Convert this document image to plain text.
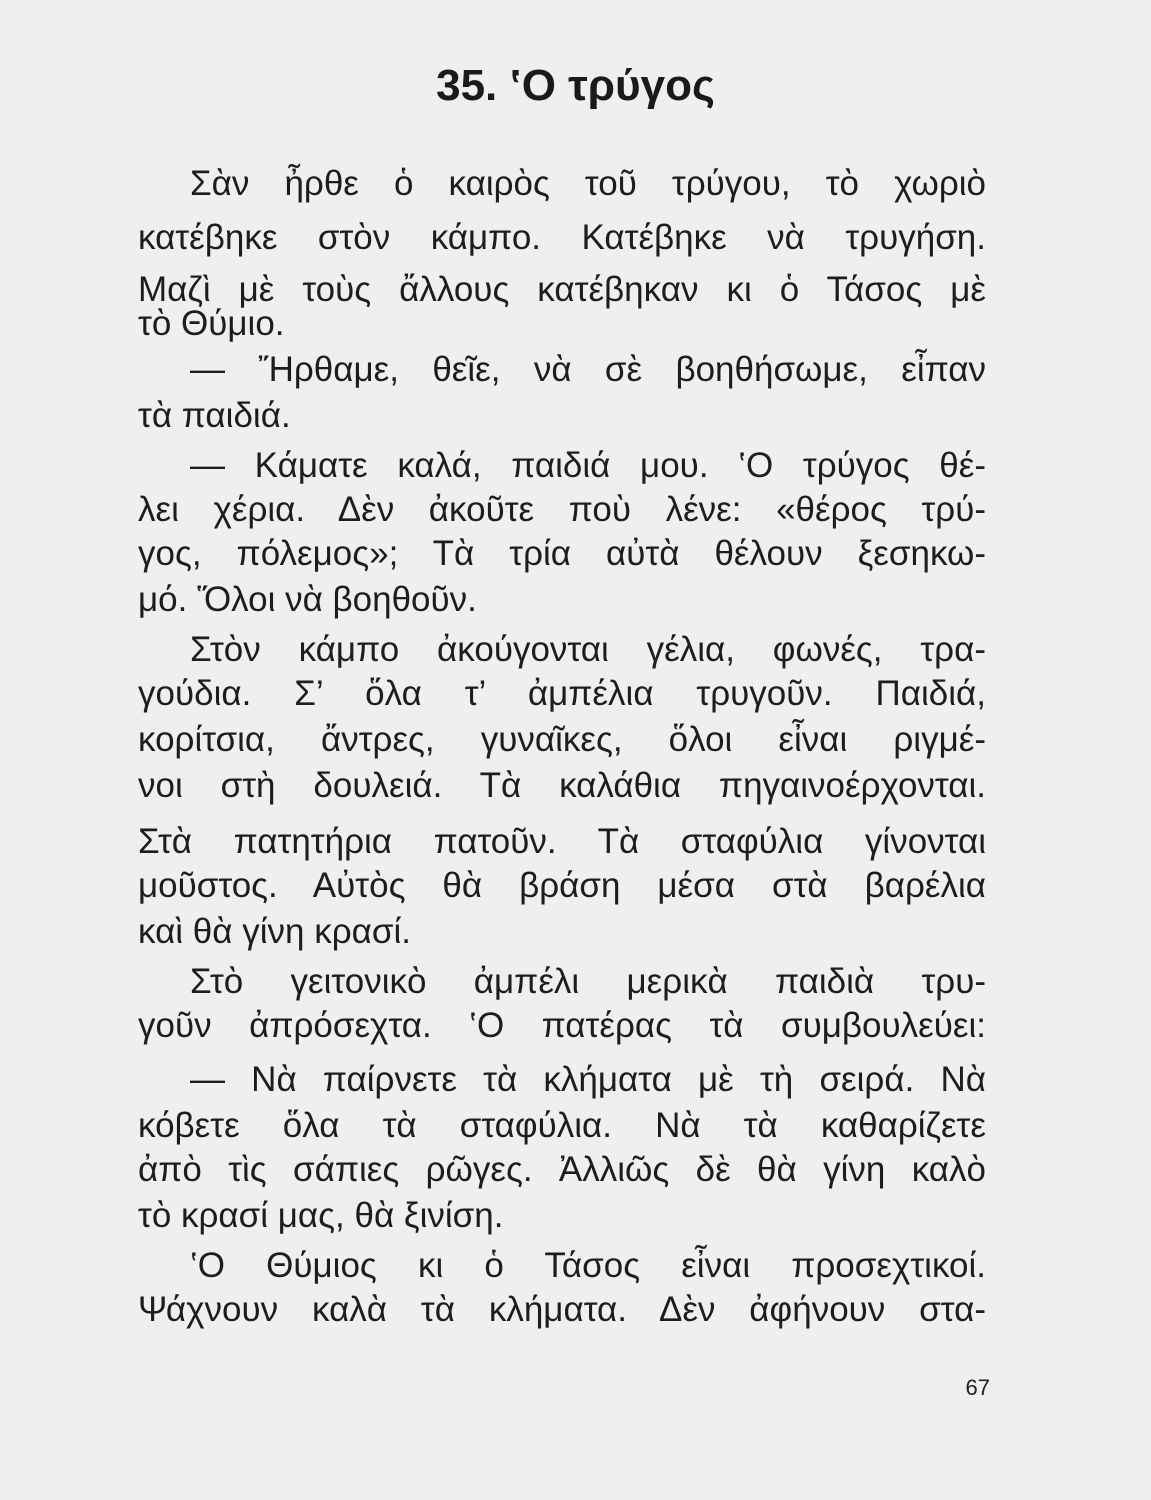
35. ‛Ο τρύγος
Σὰν ἦρθε ὁ καιρὸς τοῦ τρύγου, τὸ χωριὸ
κατέβηκε στὸν κάμπο. Κατέβηκε νὰ τρυγήση.
Μαζὶ μὲ τοὺς ἄλλους κατέβηκαν κι ὁ Τάσος μὲ
τὸ Θύμιο.
— Ἤρθαμε, θεῖε, νὰ σὲ βοηθήσωμε, εἶπαν
τὰ παιδιά.
— Κάματε καλά, παιδιά μου. ‛Ο τρύγος θέ-
λει χέρια. Δὲν ἀκοῦτε ποὺ λένε: «θέρος τρύ-
γος, πόλεμος»; Τὰ τρία αὐτὰ θέλουν ξεσηκω-
μό. Ὅλοι νὰ βοηθοῦν.
Στὸν κάμπο ἀκούγονται γέλια, φωνές, τρα-
γούδια. Σ’ ὅλα τ’ ἀμπέλια τρυγοῦν. Παιδιά,
κορίτσια, ἄντρες, γυναῖκες, ὅλοι εἶναι ριγμέ-
νοι στὴ δουλειά. Τὰ καλάθια πηγαινοέρχονται.
Στὰ πατητήρια πατοῦν. Τὰ σταφύλια γίνονται
μοῦστος. Αὐτὸς θὰ βράση μέσα στὰ βαρέλια
καὶ θὰ γίνη κρασί.
Στὸ γειτονικὸ ἀμπέλι μερικὰ παιδιὰ τρυ-
γοῦν ἀπρόσεχτα. ‛Ο πατέρας τὰ συμβουλεύει:
— Νὰ παίρνετε τὰ κλήματα μὲ τὴ σειρά. Νὰ
κόβετε ὅλα τὰ σταφύλια. Νὰ τὰ καθαρίζετε
ἀπὸ τὶς σάπιες ρῶγες. Ἀλλιῶς δὲ θὰ γίνη καλὸ
τὸ κρασί μας, θὰ ξινίση.
‛Ο Θύμιος κι ὁ Τάσος εἶναι προσεχτικοί.
Ψάχνουν καλὰ τὰ κλήματα. Δὲν ἀφήνουν στα-
67
